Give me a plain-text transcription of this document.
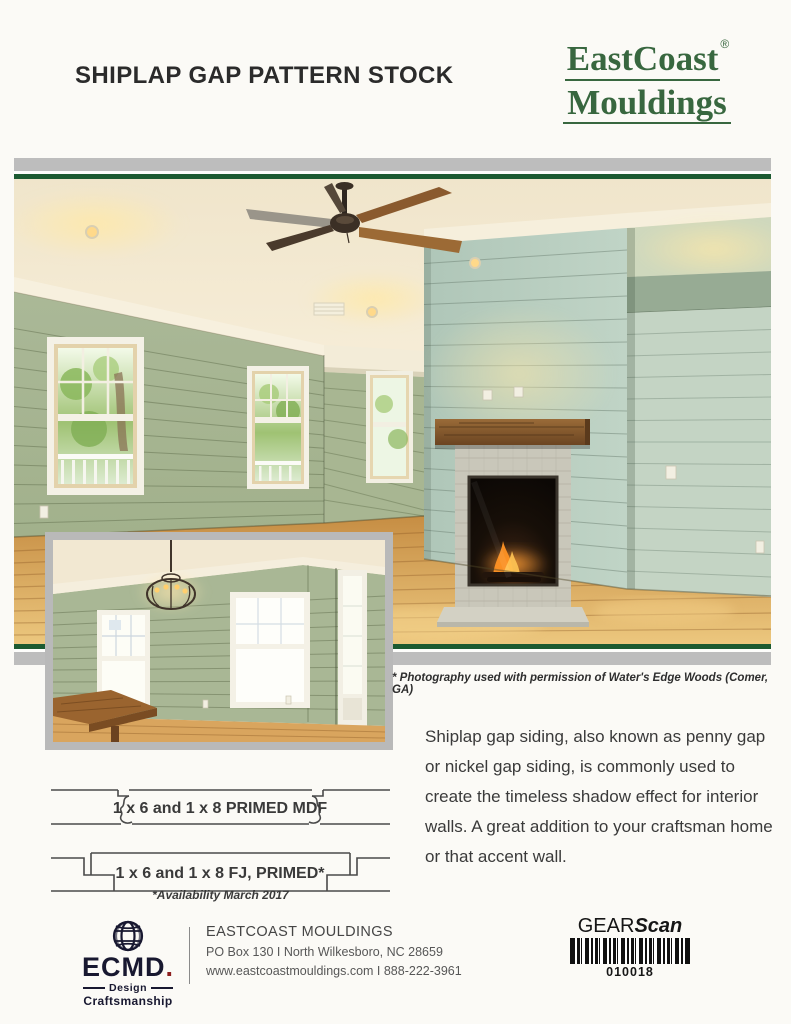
SHIPLAP GAP PATTERN STOCK	EastCoast ®
Mouldings
* Photography used with permission of Water's Edge Woods (Comer, GA)
Shiplap gap siding, also known as penny gap or nickel gap siding, is commonly used to create the timeless shadow effect for interior walls. A great addition to your craftsman home or that accent wall.
1 x 6 and 1 x 8 PRIMED MDF
1 x 6 and 1 x 8 FJ, PRIMED*
*Availability March 2017
ECMD.
Design
Craftsmanship
EASTCOAST MOULDINGS
PO Box 130 I North Wilkesboro, NC 28659
www.eastcoastmouldings.com I 888-222-3961
GEARScan
010018
